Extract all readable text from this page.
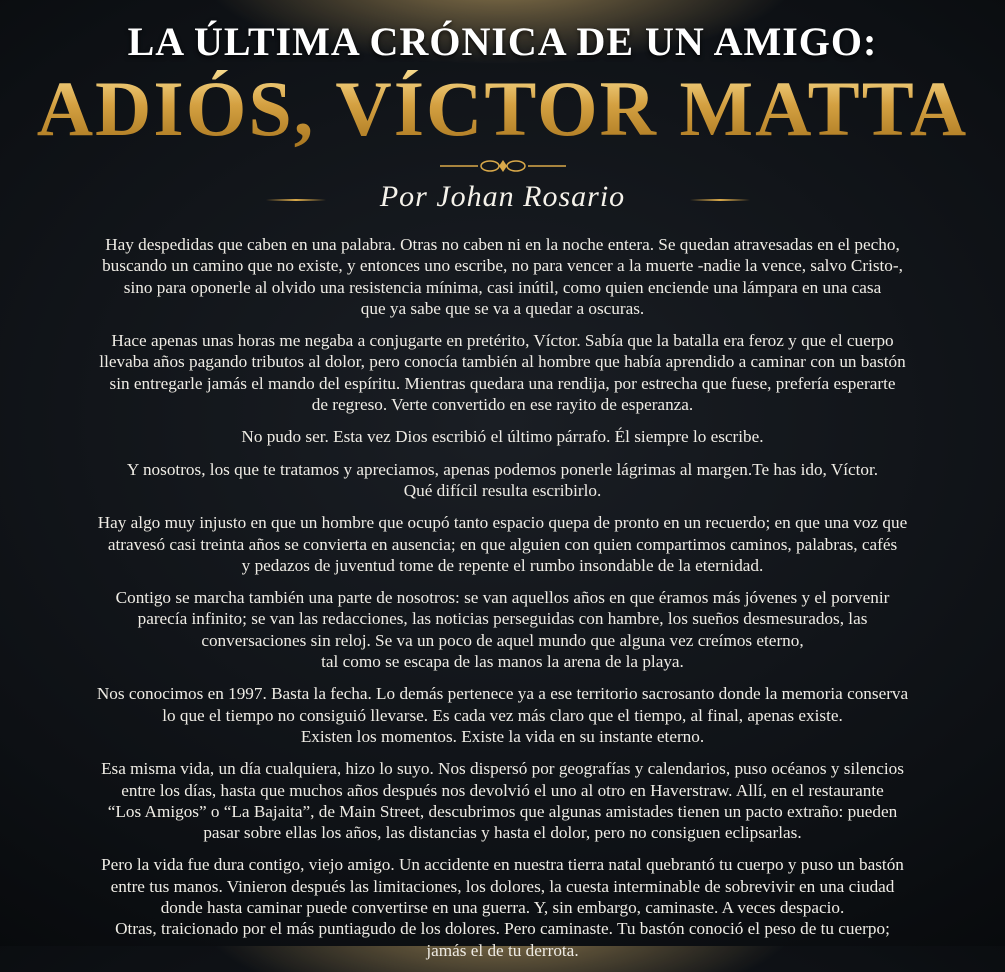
LA ÚLTIMA CRÓNICA DE UN AMIGO:
ADIÓS, VÍCTOR MATTA
Por Johan Rosario

Hay despedidas que caben en una palabra. Otras no caben ni en la noche entera. Se quedan atravesadas en el pecho,
buscando un camino que no existe, y entonces uno escribe, no para vencer a la muerte -nadie la vence, salvo Cristo-,
sino para oponerle al olvido una resistencia mínima, casi inútil, como quien enciende una lámpara en una casa
que ya sabe que se va a quedar a oscuras.

Hace apenas unas horas me negaba a conjugarte en pretérito, Víctor. Sabía que la batalla era feroz y que el cuerpo
llevaba años pagando tributos al dolor, pero conocía también al hombre que había aprendido a caminar con un bastón
sin entregarle jamás el mando del espíritu. Mientras quedara una rendija, por estrecha que fuese, prefería esperarte
de regreso. Verte convertido en ese rayito de esperanza.

No pudo ser. Esta vez Dios escribió el último párrafo. Él siempre lo escribe.

Y nosotros, los que te tratamos y apreciamos, apenas podemos ponerle lágrimas al margen.Te has ido, Víctor.
Qué difícil resulta escribirlo.

Hay algo muy injusto en que un hombre que ocupó tanto espacio quepa de pronto en un recuerdo; en que una voz que
atravesó casi treinta años se convierta en ausencia; en que alguien con quien compartimos caminos, palabras, cafés
y pedazos de juventud tome de repente el rumbo insondable de la eternidad.

Contigo se marcha también una parte de nosotros: se van aquellos años en que éramos más jóvenes y el porvenir
parecía infinito; se van las redacciones, las noticias perseguidas con hambre, los sueños desmesurados, las
conversaciones sin reloj. Se va un poco de aquel mundo que alguna vez creímos eterno,
tal como se escapa de las manos la arena de la playa.

Nos conocimos en 1997. Basta la fecha. Lo demás pertenece ya a ese territorio sacrosanto donde la memoria conserva
lo que el tiempo no consiguió llevarse. Es cada vez más claro que el tiempo, al final, apenas existe.
Existen los momentos. Existe la vida en su instante eterno.

Esa misma vida, un día cualquiera, hizo lo suyo. Nos dispersó por geografías y calendarios, puso océanos y silencios
entre los días, hasta que muchos años después nos devolvió el uno al otro en Haverstraw. Allí, en el restaurante
“Los Amigos” o “La Bajaita”, de Main Street, descubrimos que algunas amistades tienen un pacto extraño: pueden
pasar sobre ellas los años, las distancias y hasta el dolor, pero no consiguen eclipsarlas.

Pero la vida fue dura contigo, viejo amigo. Un accidente en nuestra tierra natal quebrantó tu cuerpo y puso un bastón
entre tus manos. Vinieron después las limitaciones, los dolores, la cuesta interminable de sobrevivir en una ciudad
donde hasta caminar puede convertirse en una guerra. Y, sin embargo, caminaste. A veces despacio.
Otras, traicionado por el más puntiagudo de los dolores. Pero caminaste. Tu bastón conoció el peso de tu cuerpo;
jamás el de tu derrota.
